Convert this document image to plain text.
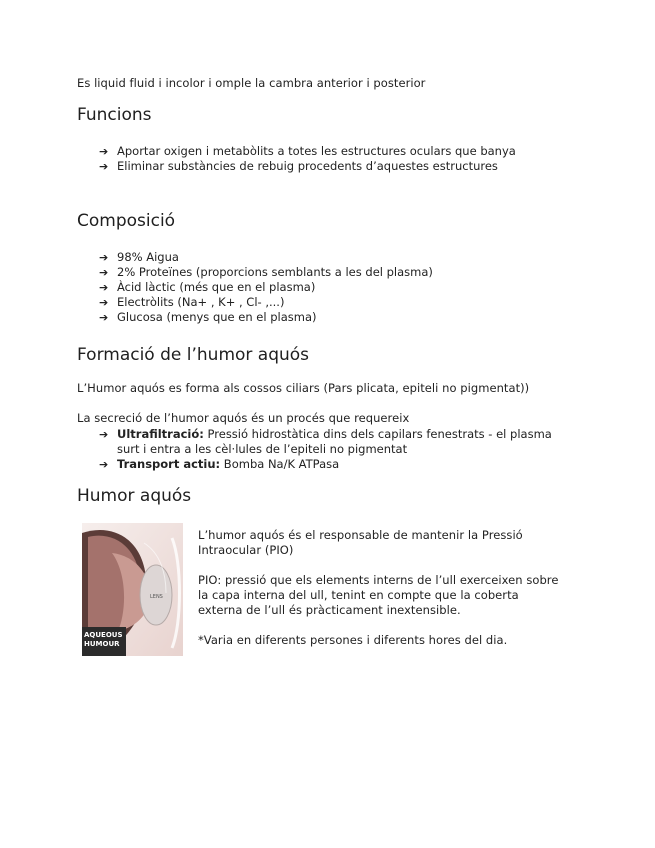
Es liquid fluid i incolor i omple la cambra anterior i posterior
Funcions
➔ Aportar oxigen i metabòlits a totes les estructures oculars que banya
➔ Eliminar substàncies de rebuig procedents d’aquestes estructures
Composició
➔ 98% Aigua
➔ 2% Proteïnes (proporcions semblants a les del plasma)
➔ Àcid làctic (més que en el plasma)
➔ Electròlits (Na+ , K+ , Cl- ,...)
➔ Glucosa (menys que en el plasma)
Formació de l’humor aquós
L’Humor aquós es forma als cossos ciliars (Pars plicata, epiteli no pigmentat))
La secreció de l’humor aquós és un procés que requereix
➔ Ultrafiltració: Pressió hidrostàtica dins dels capilars fenestrats - el plasma
surt i entra a les cèl·lules de l’epiteli no pigmentat
➔ Transport actiu: Bomba Na/K ATPasa
Humor aquós
LENS
AQUEOUS
HUMOUR
L’humor aquós és el responsable de mantenir la Pressió
Intraocular (PIO)
PIO: pressió que els elements interns de l’ull exerceixen sobre
la capa interna del ull, tenint en compte que la coberta
externa de l’ull és pràcticament inextensible.
*Varia en diferents persones i diferents hores del dia.
